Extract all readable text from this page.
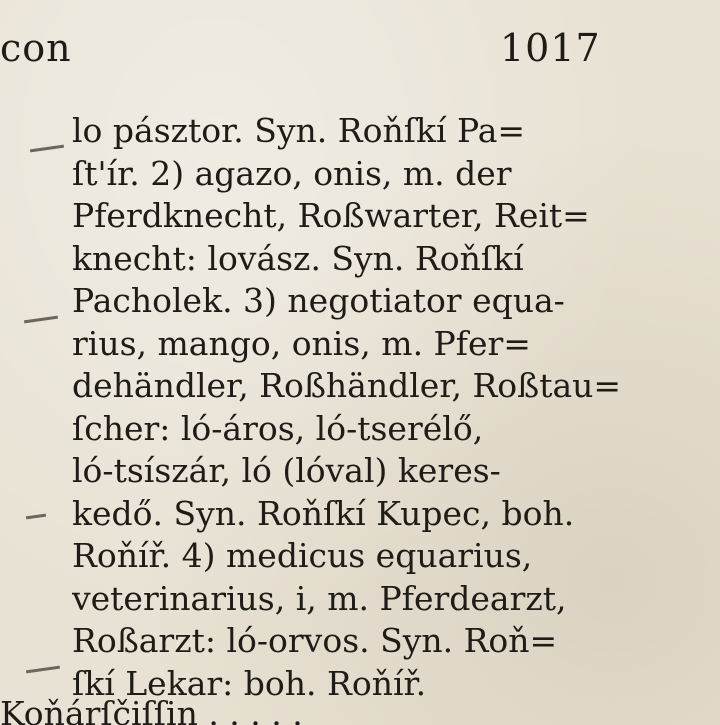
con	1017
lo pásztor. Syn. Roňſkí Pa=
ſt'ír. 2) agazo, onis, m. der
Pferdknecht, Roßwarter, Reit=
knecht: lovász. Syn. Roňſkí
Pacholek. 3) negotiator equa-
rius, mango, onis, m. Pfer=
dehändler, Roßhändler, Roßtau=
ſcher: ló-áros, ló-tserélő,
ló-tsíszár, ló (lóval) keres-
kedő. Syn. Roňſkí Kupec, boh.
Roňíř. 4) medicus equarius,
veterinarius, i, m. Pferdearzt,
Roßarzt: ló-orvos. Syn. Roň=
ſkí Lekar: boh. Roňíř.
Koňárſčiſſin . . . . .
